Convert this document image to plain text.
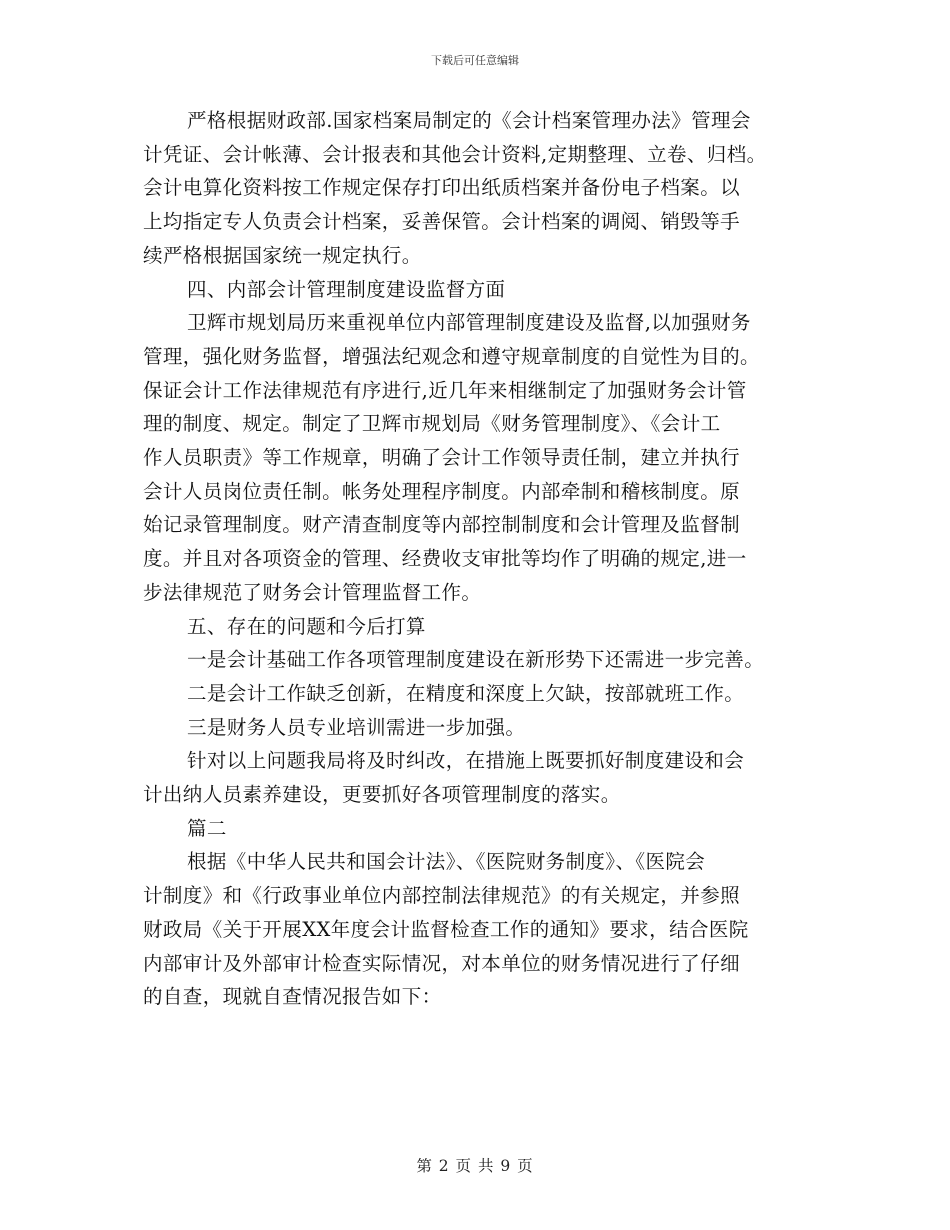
下载后可任意编辑
严格根据财政部.国家档案局制定的《会计档案管理办法》管理会
计凭证、会计帐薄、会计报表和其他会计资料,定期整理、立卷、归档。
会计电算化资料按工作规定保存打印出纸质档案并备份电子档案。以
上均指定专人负责会计档案，妥善保管。会计档案的调阅、销毁等手
续严格根据国家统一规定执行。
四、内部会计管理制度建设监督方面
卫辉市规划局历来重视单位内部管理制度建设及监督,以加强财务
管理，强化财务监督，增强法纪观念和遵守规章制度的自觉性为目的。
保证会计工作法律规范有序进行,近几年来相继制定了加强财务会计管
理的制度、规定。制定了卫辉市规划局《财务管理制度》、《会计工
作人员职责》等工作规章，明确了会计工作领导责任制，建立并执行
会计人员岗位责任制。帐务处理程序制度。内部牵制和稽核制度。原
始记录管理制度。财产清查制度等内部控制制度和会计管理及监督制
度。并且对各项资金的管理、经费收支审批等均作了明确的规定,进一
步法律规范了财务会计管理监督工作。
五、存在的问题和今后打算
一是会计基础工作各项管理制度建设在新形势下还需进一步完善。
二是会计工作缺乏创新，在精度和深度上欠缺，按部就班工作。
三是财务人员专业培训需进一步加强。
针对以上问题我局将及时纠改，在措施上既要抓好制度建设和会
计出纳人员素养建设，更要抓好各项管理制度的落实。
篇二
根据《中华人民共和国会计法》、《医院财务制度》、《医院会
计制度》和《行政事业单位内部控制法律规范》的有关规定，并参照
财政局《关于开展XX年度会计监督检查工作的通知》要求，结合医院
内部审计及外部审计检查实际情况，对本单位的财务情况进行了仔细
的自查，现就自查情况报告如下：
第 2 页 共 9 页
